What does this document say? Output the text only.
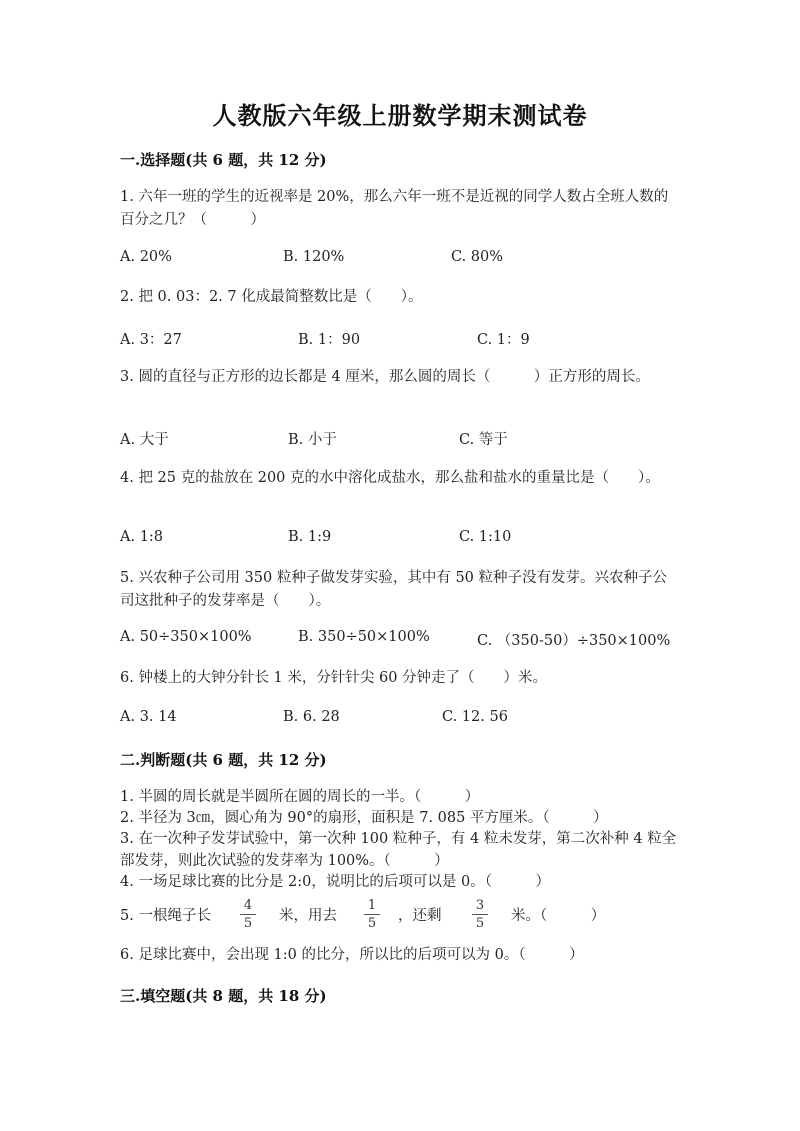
人教版六年级上册数学期末测试卷
一.选择题(共 6 题，共 12 分)
1. 六年一班的学生的近视率是 20%，那么六年一班不是近视的同学人数占全班人数的百分之几？（　　　）
A. 20%	B. 120%	C. 80%
2. 把 0. 03：2. 7 化成最简整数比是（　　）。
A. 3：27	B. 1：90	C. 1：9
3. 圆的直径与正方形的边长都是 4 厘米，那么圆的周长（　　　）正方形的周长。
A. 大于	B. 小于	C. 等于
4. 把 25 克的盐放在 200 克的水中溶化成盐水，那么盐和盐水的重量比是（　　）。
A. 1:8	B. 1:9	C. 1:10
5. 兴农种子公司用 350 粒种子做发芽实验，其中有 50 粒种子没有发芽。兴农种子公司这批种子的发芽率是（　　）。
A. 50÷350×100%	B. 350÷50×100%	C. （350-50）÷350×100%
6. 钟楼上的大钟分针长 1 米，分针针尖 60 分钟走了（　　）米。
A. 3. 14	B. 6. 28	C. 12. 56
二.判断题(共 6 题，共 12 分)
1. 半圆的周长就是半圆所在圆的周长的一半。（　　　）
2. 半径为 3㎝，圆心角为 90°的扇形，面积是 7. 085 平方厘米。（　　　）
3. 在一次种子发芽试验中，第一次种 100 粒种子，有 4 粒未发芽，第二次补种 4 粒全部发芽，则此次试验的发芽率为 100%。（　　　）
4. 一场足球比赛的比分是 2:0，说明比的后项可以是 0。（　　　）
5. 一根绳子长 $\frac{4}{5}$ 米，用去 $\frac{1}{5}$ ，还剩 $\frac{3}{5}$ 米。（　　　）
6. 足球比赛中，会出现 1:0 的比分，所以比的后项可以为 0。（　　　）
三.填空题(共 8 题，共 18 分)
